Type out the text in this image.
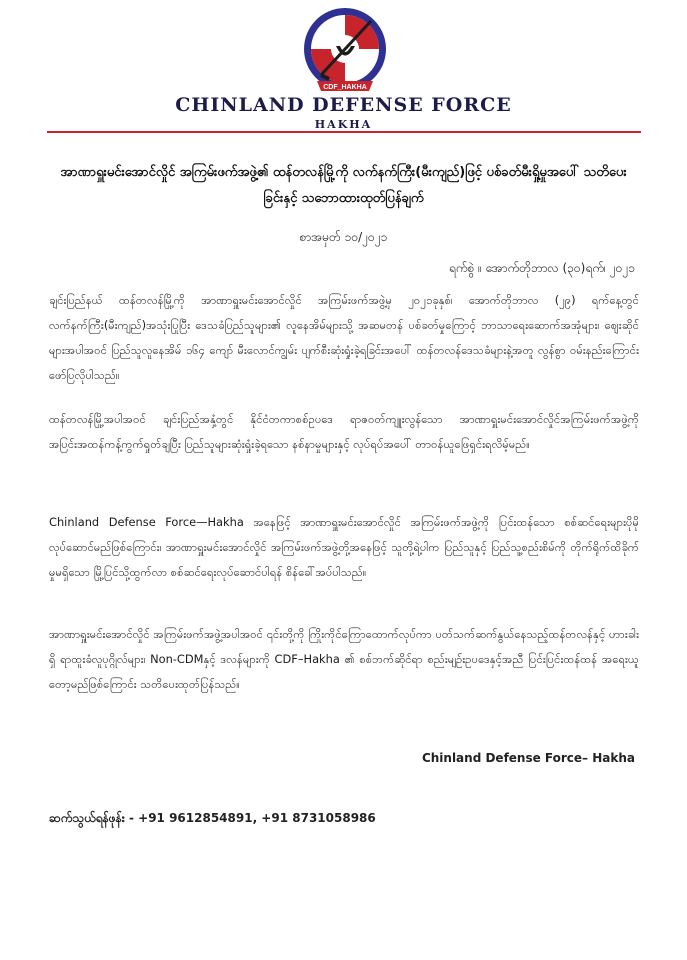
CDF_HAKHA
CHINLAND DEFENSE FORCE
HAKHA
အာဏာရှူးမင်းအောင်လှိုင် အကြမ်းဖက်အဖွဲ့၏ ထန်တလန်မြို့ကို လက်နက်ကြီး(မီးကျည်)ဖြင့် ပစ်ခတ်မီးရှို့မှုအပေါ် သတိပေးခြင်းနှင့် သဘောထားထုတ်ပြန်ချက်
စာအမှတ် ၁၀/၂၀၂၁
ရက်စွဲ ။ အောက်တိုဘာလ (၃၀)ရက်၊ ၂၀၂၁
ချင်းပြည်နယ် ထန်တလန်မြို့ကို အာဏာရှူးမင်းအောင်လှိုင် အကြမ်းဖက်အဖွဲ့မှ ၂၀၂၁ခုနှစ်၊ အောက်တိုဘာလ (၂၉) ရက်နေ့တွင် လက်နက်ကြီး(မီးကျည်)အသုံးပြုပြီး ဒေသခံပြည်သူများ၏ လူနေအိမ်များသို့ အဆမတန် ပစ်ခတ်မှုကြောင့် ဘာသာရေးဆောက်အအုံများ၊ ဈေးဆိုင်များအပါအဝင် ပြည်သူလူနေအိမ် ၁၆၄ ကျော် မီးလောင်ကျွမ်း ပျက်စီးဆုံးရှုံးခဲ့ရခြင်းအပေါ် ထန်တလန်ဒေသခံများနဲ့အတူ လွန်စွာ ဝမ်းနည်းကြောင်း ဖော်ပြလိုပါသည်။
ထန်တလန်မြို့အပါအဝင် ချင်းပြည်အနှံ့တွင် နိုင်ငံတကာစစ်ဥပဒေ ရာဇဝတ်ကျူးလွန်သော အာဏာရှူးမင်းအောင်လှိုင်အကြမ်းဖက်အဖွဲ့ကို အပြင်းအထန်ကန့်ကွက်ရှုတ်ချပြီး ပြည်သူများဆုံးရှုံးခဲ့ရသော နစ်နာမှုများနှင့် လုပ်ရပ်အပေါ် တာဝန်ယူဖြေရှင်းရလိမ့်မည်။
Chinland Defense Force—Hakha အနေဖြင့် အာဏာရှူးမင်းအောင်လှိုင် အကြမ်းဖက်အဖွဲ့ကို ပြင်းထန်သော စစ်ဆင်ရေးများပိုမို လုပ်ဆောင်မည်ဖြစ်ကြောင်း၊ အာဏာရှူးမင်းအောင်လှိုင် အကြမ်းဖက်အဖွဲ့တို့အနေဖြင့် သူတို့ရဲ့ပါက ပြည်သူနှင့် ပြည်သူ့စည်းစိမ်ကို တိုက်ရိုက်ထိခိုက်မှုမရှိသော မြို့ပြင်သို့ထွက်လာ စစ်ဆင်ရေးလုပ်ဆောင်ပါရန် စိန်ခေါ်အပ်ပါသည်။
အာဏာရှူးမင်းအောင်လှိုင် အကြမ်းဖက်အဖွဲ့အပါအဝင် ၎င်းတို့ကို ကြိုးကိုင်ကြောထောက်လုပ်ကာ ပတ်သက်ဆက်နွယ်နေသည့်ထန်တလန်နှင့် ဟားခါးရှိ ရာထူးခံလူပုဂ္ဂိုလ်များ၊ Non-CDMနှင့် ဒလန်များကို CDF–Hakha ၏ စစ်ဘက်ဆိုင်ရာ စည်းမျဉ်းဥပဒေနှင့်အညီ ပြင်းပြင်းထန်ထန် အရေးယူတော့မည်ဖြစ်ကြောင်း သတိပေးထုတ်ပြန်သည်။
Chinland Defense Force– Hakha
ဆက်သွယ်ရန်ဖုန်း - +91 9612854891, +91 8731058986
